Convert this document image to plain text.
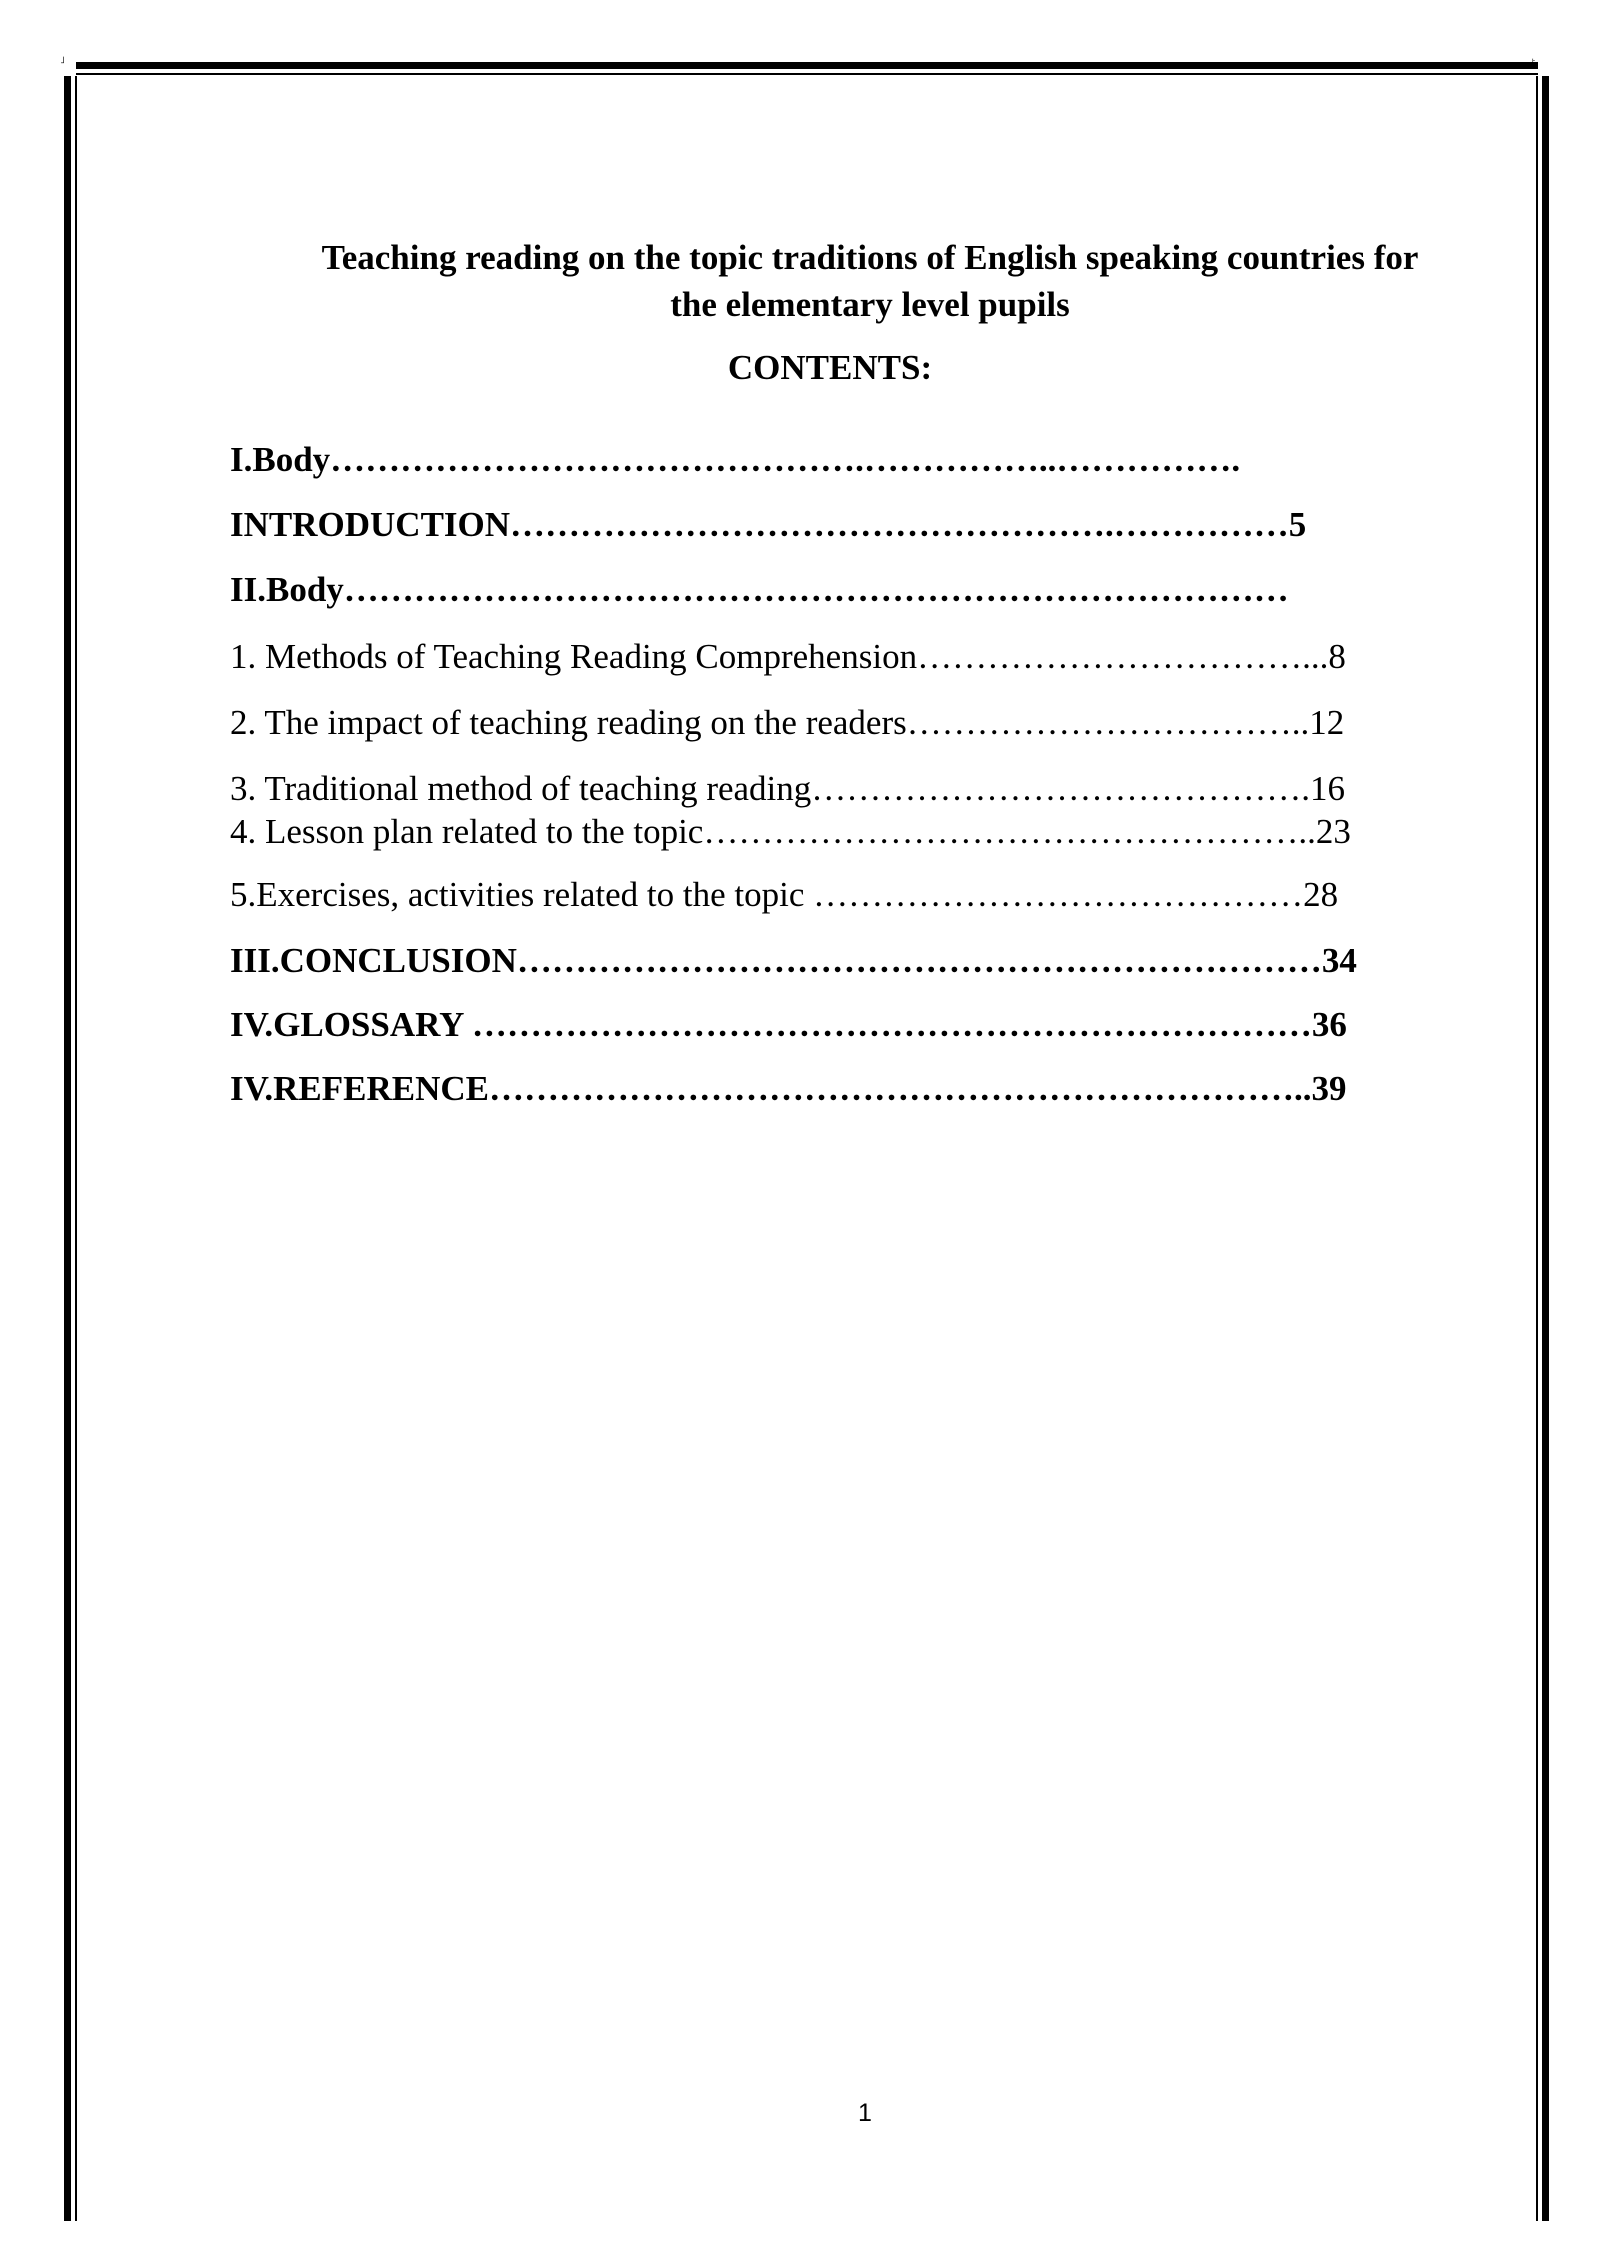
˩	˫
Teaching reading on the topic traditions of English speaking countries for
the elementary level pupils
CONTENTS:
I.Body……………………………………….……………..…………….
INTRODUCTION…………………………………………….……………5
II.Body………………………………………………………………………
1. Methods of Teaching Reading Comprehension……………………………...8
2. The impact of teaching reading on the readers……………………………..12
3. Traditional method of teaching reading…………………………………….16
4. Lesson plan related to the topic……………………………………………..23
5.Exercises, activities related to the topic ……………………………………28
III.CONCLUSION……………………………………………………………34
IV.GLOSSARY ………………………………………………………………36
IV.REFERENCE……………………………………………………………..39
1
